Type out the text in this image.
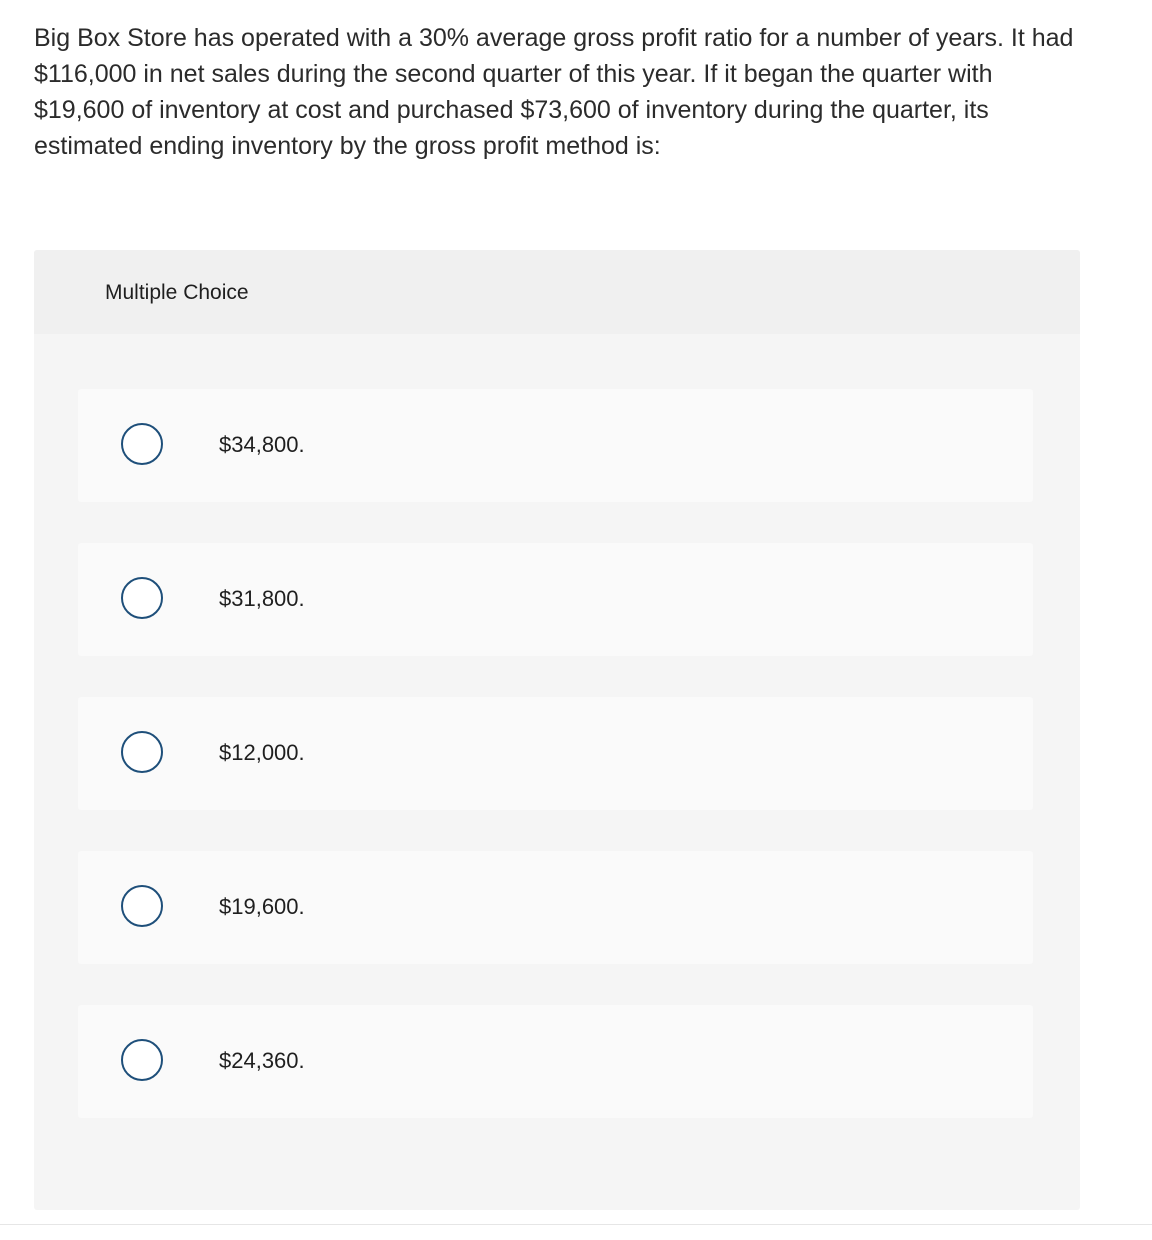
Big Box Store has operated with a 30% average gross profit ratio for a number of years. It had $116,000 in net sales during the second quarter of this year. If it began the quarter with $19,600 of inventory at cost and purchased $73,600 of inventory during the quarter, its estimated ending inventory by the gross profit method is:

Multiple Choice
$34,800.
$31,800.
$12,000.
$19,600.
$24,360.
